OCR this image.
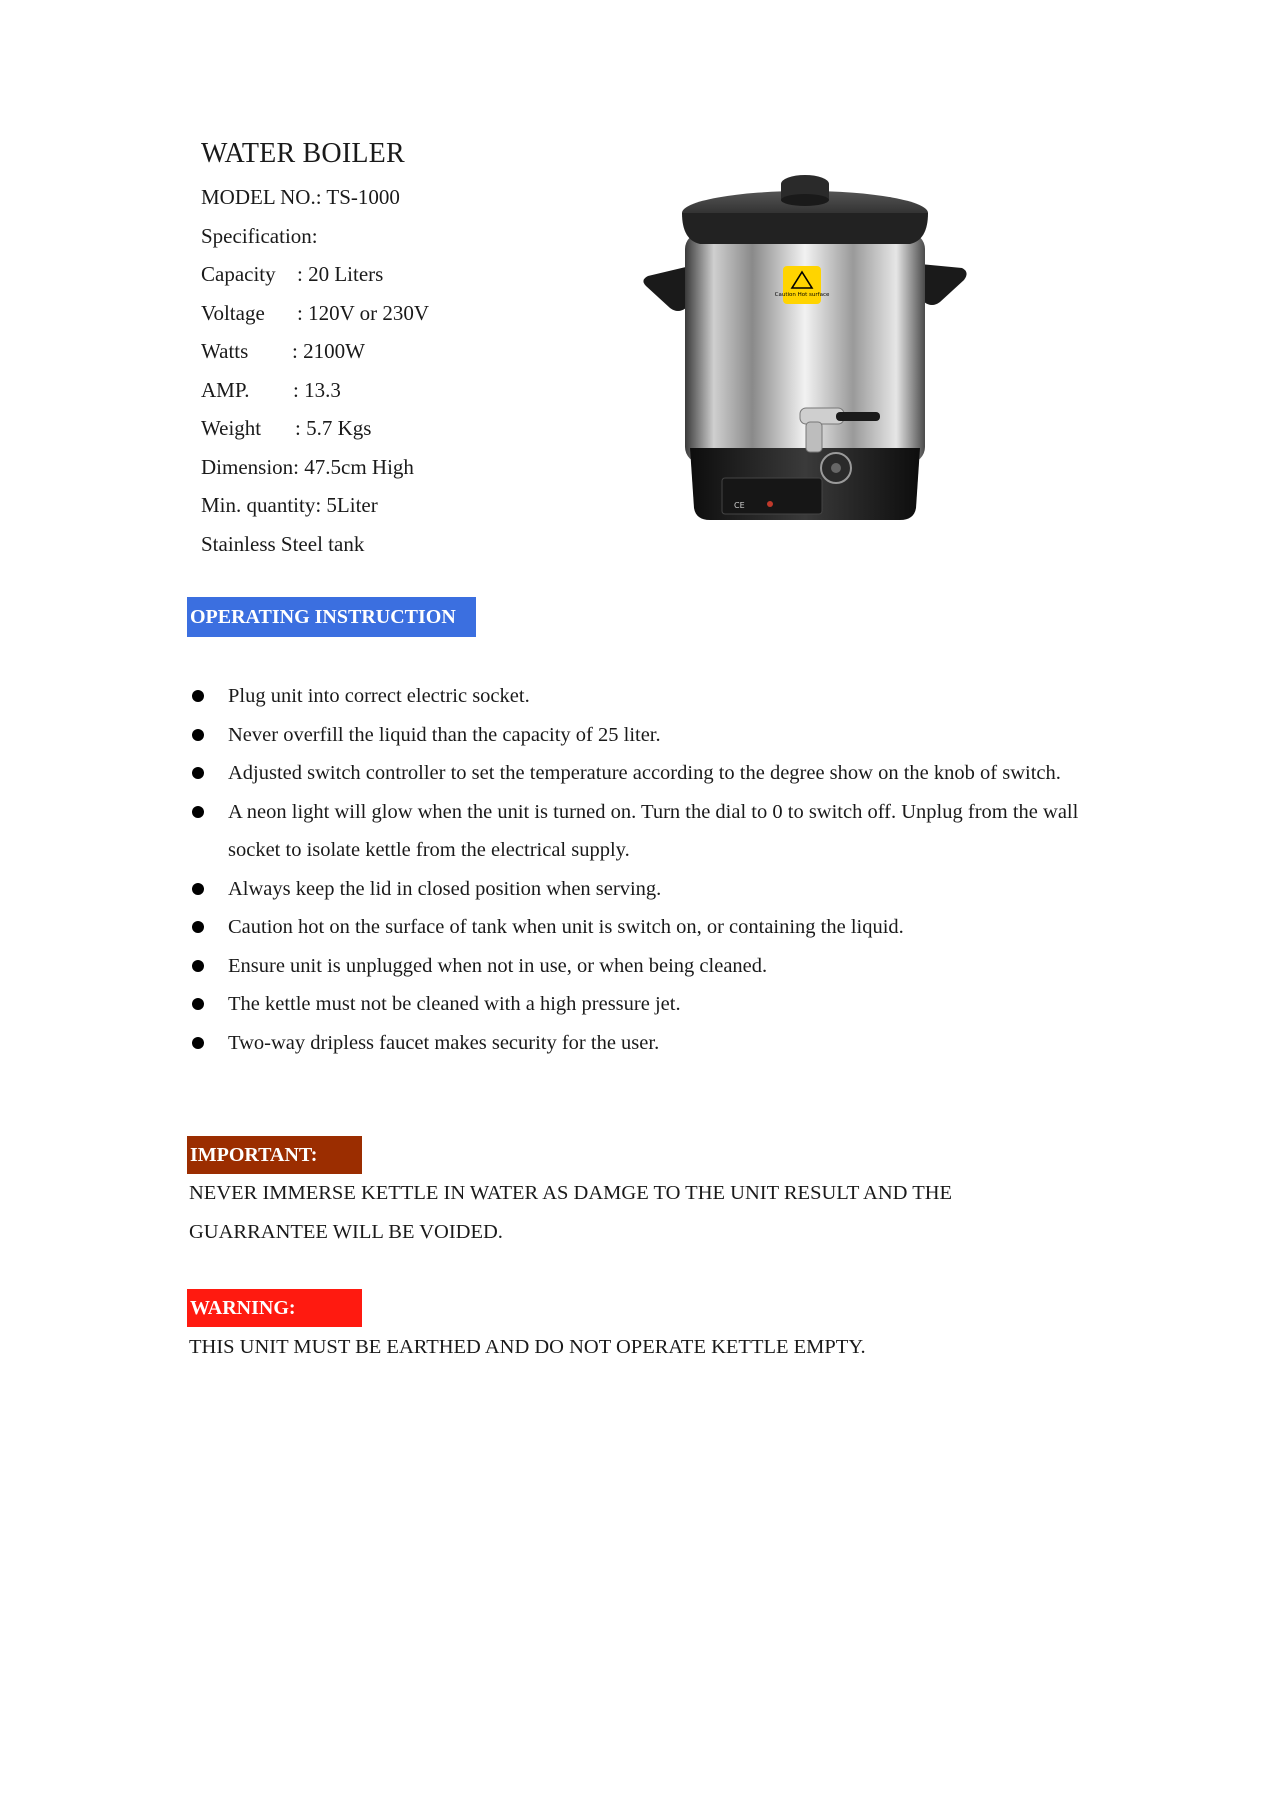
WATER BOILER
MODEL NO.: TS-1000
Specification:
Capacity : 20 Liters
Voltage : 120V or 230V
Watts : 2100W
AMP. : 13.3
Weight : 5.7 Kgs
Dimension: 47.5cm High
Min. quantity: 5Liter
Stainless Steel tank
Caution Hot surface
CE
OPERATING INSTRUCTION
Plug unit into correct electric socket.
Never overfill the liquid than the capacity of 25 liter.
Adjusted switch controller to set the temperature according to the degree show on the knob of switch.
A neon light will glow when the unit is turned on. Turn the dial to 0 to switch off. Unplug from the wall socket to isolate kettle from the electrical supply.
Always keep the lid in closed position when serving.
Caution hot on the surface of tank when unit is switch on, or containing the liquid.
Ensure unit is unplugged when not in use, or when being cleaned.
The kettle must not be cleaned with a high pressure jet.
Two-way dripless faucet makes security for the user.
IMPORTANT:
NEVER IMMERSE KETTLE IN WATER AS DAMGE TO THE UNIT RESULT AND THE GUARRANTEE WILL BE VOIDED.
WARNING:
THIS UNIT MUST BE EARTHED AND DO NOT OPERATE KETTLE EMPTY.
